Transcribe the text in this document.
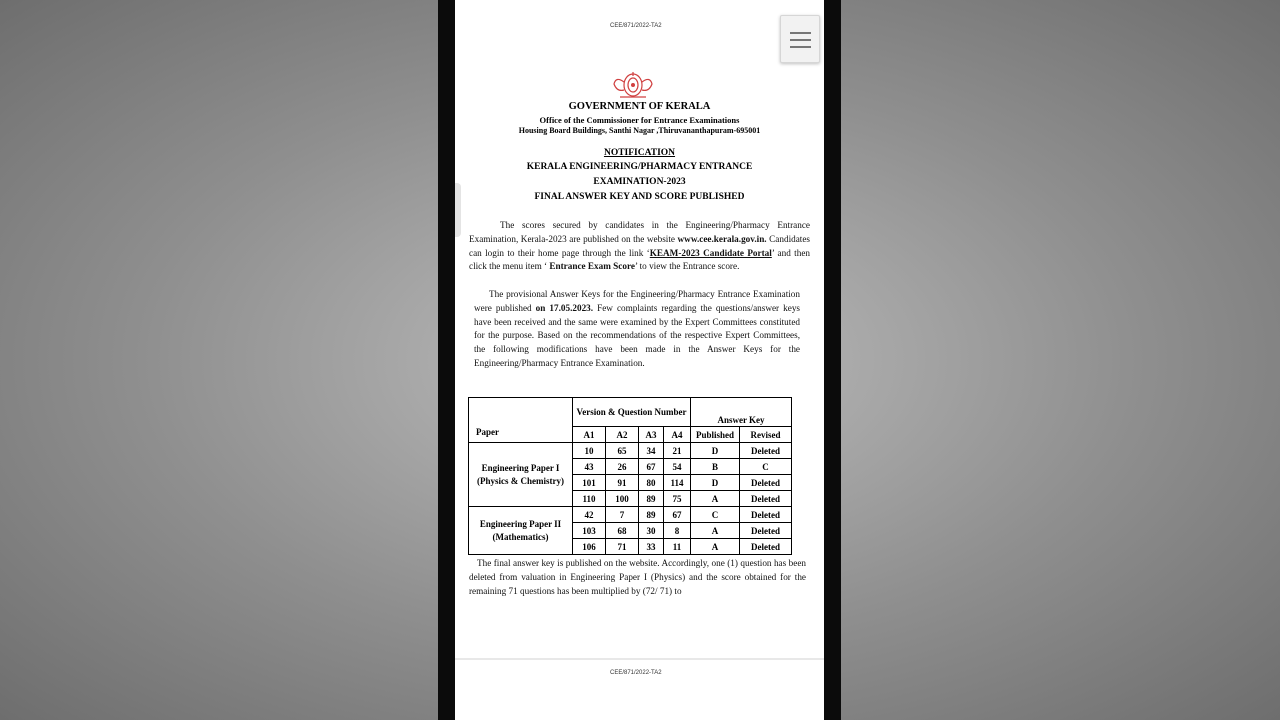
CEE/871/2022-TA2
GOVERNMENT OF KERALA
Office of the Commissioner for Entrance Examinations
Housing Board Buildings, Santhi Nagar ,Thiruvananthapuram-695001
NOTIFICATION
KERALA ENGINEERING/PHARMACY ENTRANCE
EXAMINATION-2023
FINAL ANSWER KEY AND SCORE PUBLISHED
The scores secured by candidates in the Engineering/Pharmacy Entrance Examination, Kerala-2023 are published on the website www.cee.kerala.gov.in. Candidates can login to their home page through the link ‘KEAM-2023 Candidate Portal’ and then click the menu item ‘ Entrance Exam Score’ to view the Entrance score.
The provisional Answer Keys for the Engineering/Pharmacy Entrance Examination were published on 17.05.2023. Few complaints regarding the questions/answer keys have been received and the same were examined by the Expert Committees constituted for the purpose. Based on the recommendations of the respective Expert Committees, the following modifications have been made in the Answer Keys for the Engineering/Pharmacy Entrance Examination.
Paper	Version & Question Number				Answer Key	
	A1	A2	A3	A4	Published	Revised
Engineering Paper I (Physics & Chemistry)	10	65	34	21	D	Deleted
	43	26	67	54	B	C
	101	91	80	114	D	Deleted
	110	100	89	75	A	Deleted
Engineering Paper II (Mathematics)	42	7	89	67	C	Deleted
	103	68	30	8	A	Deleted
	106	71	33	11	A	Deleted
The final answer key is published on the website. Accordingly, one (1) question has been deleted from valuation in Engineering Paper I (Physics) and the score obtained for the remaining 71 questions has been multiplied by (72/ 71) to
CEE/871/2022-TA2
